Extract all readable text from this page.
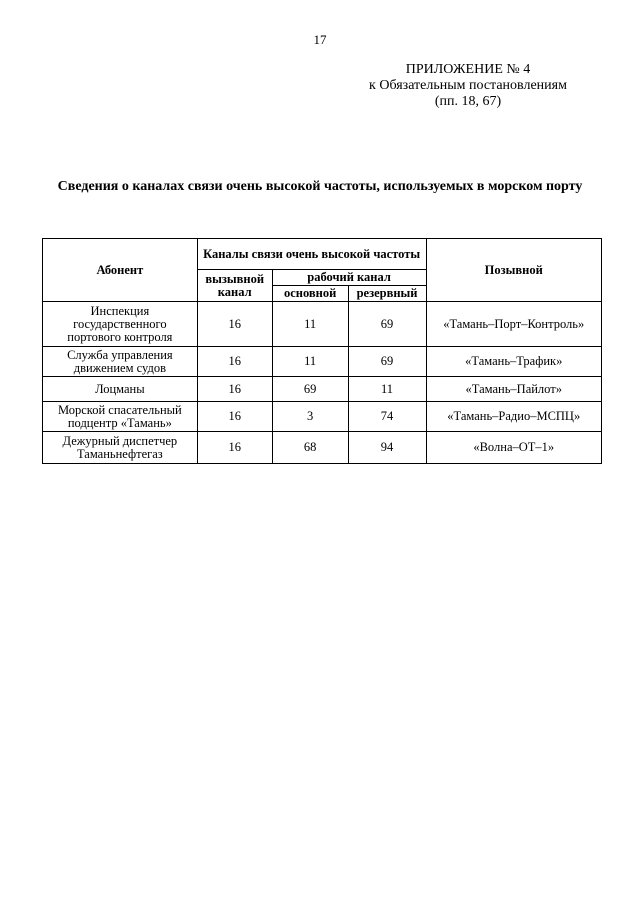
17
ПРИЛОЖЕНИЕ № 4
к Обязательным постановлениям
(пп. 18, 67)
Сведения о каналах связи очень высокой частоты, используемых в морском порту
Абонент	Каналы связи очень высокой частоты			Позывной
	вызывной канал	рабочий канал		
		основной	резервный	
Инспекция государственного портового контроля	16	11	69	«Тамань–Порт–Контроль»
Служба управления движением судов	16	11	69	«Тамань–Трафик»
Лоцманы	16	69	11	«Тамань–Пайлот»
Морской спасательный подцентр «Тамань»	16	3	74	«Тамань–Радио–МСПЦ»
Дежурный диспетчер Таманьнефтегаз	16	68	94	«Волна–ОТ–1»
